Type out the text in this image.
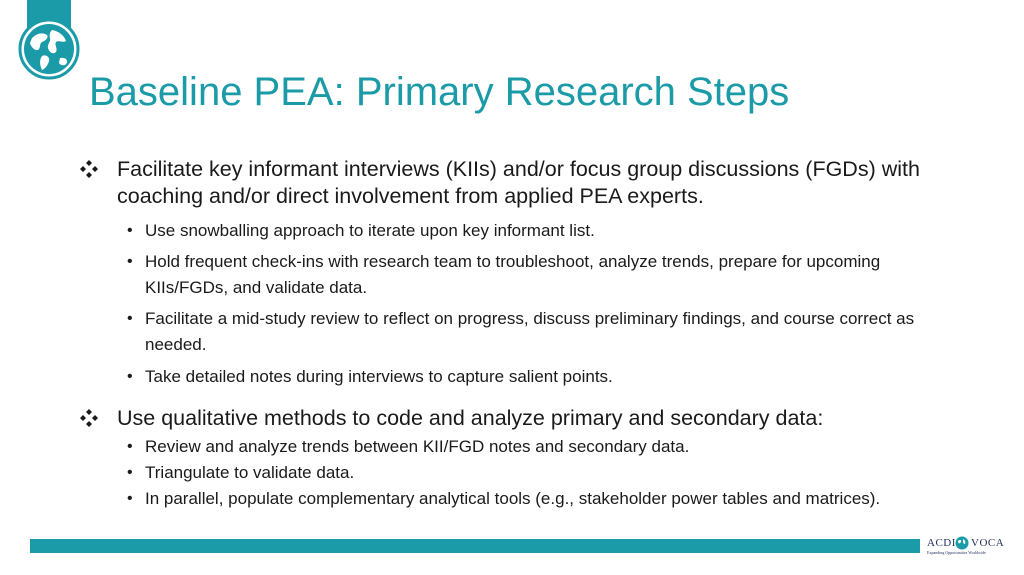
Baseline PEA: Primary Research Steps
Facilitate key informant interviews (KIIs) and/or focus group discussions (FGDs) with coaching and/or direct involvement from applied PEA experts.
• Use snowballing approach to iterate upon key informant list.
• Hold frequent check-ins with research team to troubleshoot, analyze trends, prepare for upcoming KIIs/FGDs, and validate data.
• Facilitate a mid-study review to reflect on progress, discuss preliminary findings, and course correct as needed.
• Take detailed notes during interviews to capture salient points.
Use qualitative methods to code and analyze primary and secondary data:
• Review and analyze trends between KII/FGD notes and secondary data.
• Triangulate to validate data.
• In parallel, populate complementary analytical tools (e.g., stakeholder power tables and matrices).
ACDI VOCA
Expanding Opportunities Worldwide
